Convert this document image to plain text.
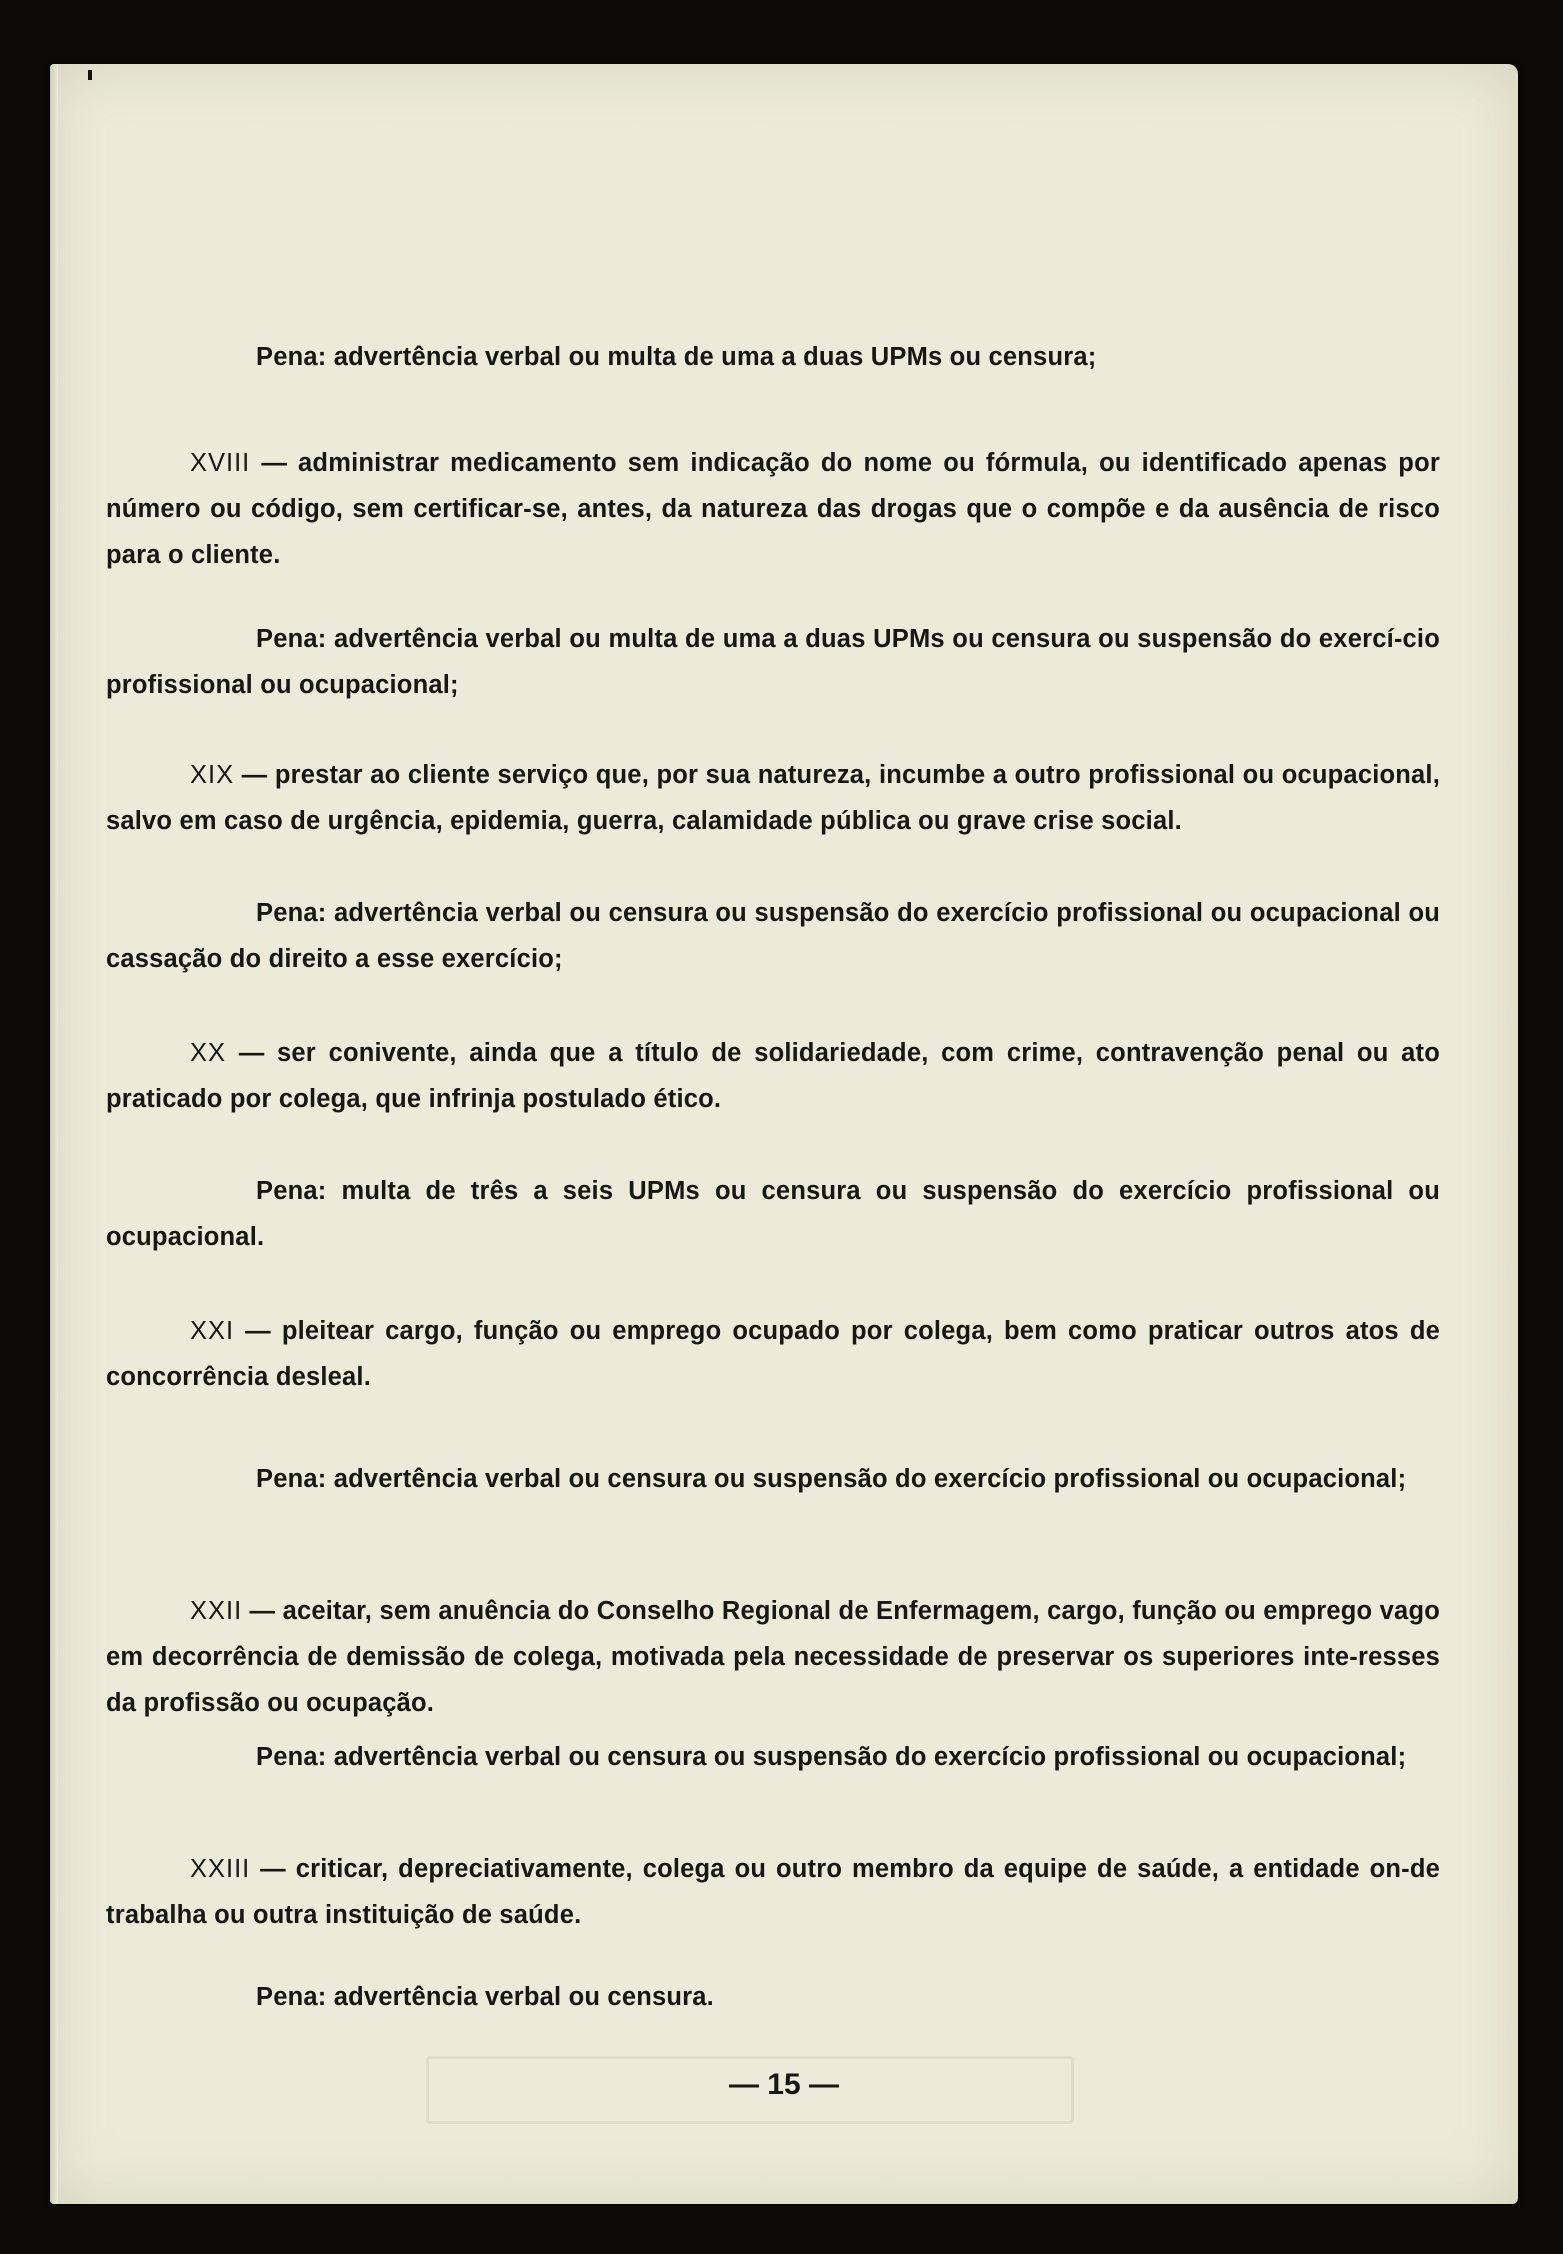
Pena: advertência verbal ou multa de uma a duas UPMs ou censura;
XVIII — administrar medicamento sem indicação do nome ou fórmula, ou identificado apenas por número ou código, sem certificar-se, antes, da natureza das drogas que o compõe e da ausência de risco para o cliente.
Pena: advertência verbal ou multa de uma a duas UPMs ou censura ou suspensão do exercí-cio profissional ou ocupacional;
XIX — prestar ao cliente serviço que, por sua natureza, incumbe a outro profissional ou ocupacional, salvo em caso de urgência, epidemia, guerra, calamidade pública ou grave crise social.
Pena: advertência verbal ou censura ou suspensão do exercício profissional ou ocupacional ou cassação do direito a esse exercício;
XX — ser conivente, ainda que a título de solidariedade, com crime, contravenção penal ou ato praticado por colega, que infrinja postulado ético.
Pena: multa de três a seis UPMs ou censura ou suspensão do exercício profissional ou ocupacional.
XXI — pleitear cargo, função ou emprego ocupado por colega, bem como praticar outros atos de concorrência desleal.
Pena: advertência verbal ou censura ou suspensão do exercício profissional ou ocupacional;
XXII — aceitar, sem anuência do Conselho Regional de Enfermagem, cargo, função ou emprego vago em decorrência de demissão de colega, motivada pela necessidade de preservar os superiores inte-resses da profissão ou ocupação.
Pena: advertência verbal ou censura ou suspensão do exercício profissional ou ocupacional;
XXIII — criticar, depreciativamente, colega ou outro membro da equipe de saúde, a entidade on-de trabalha ou outra instituição de saúde.
Pena: advertência verbal ou censura.
— 15 —
